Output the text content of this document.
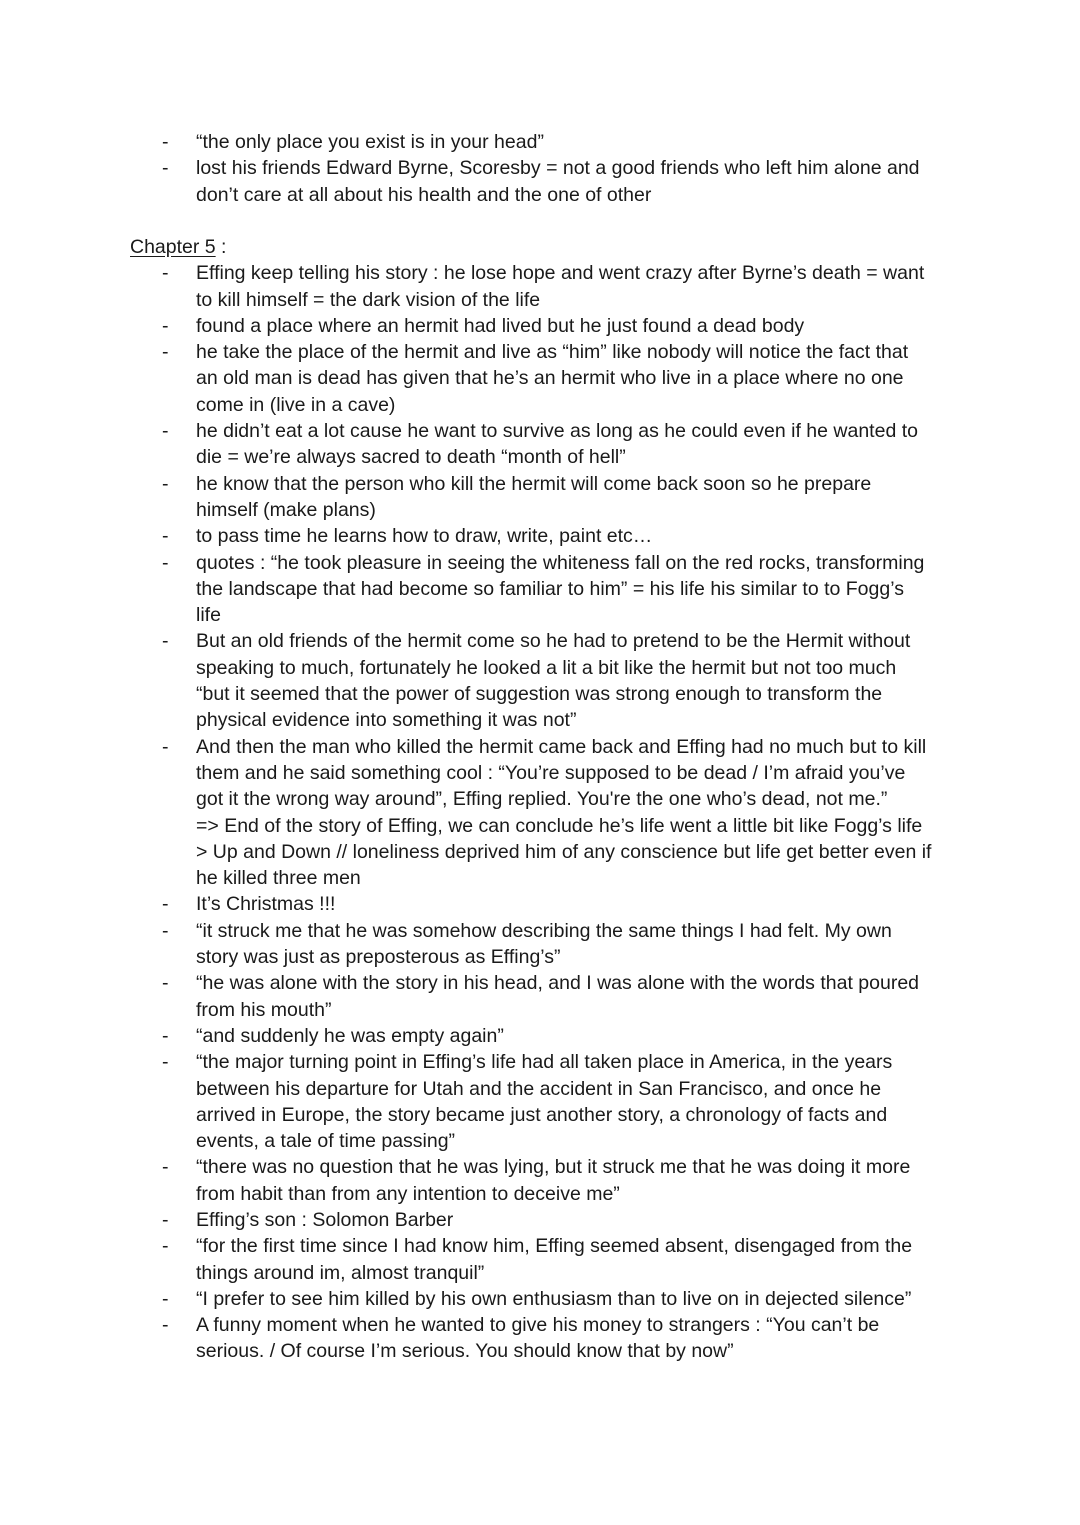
- “the only place you exist is in your head”
- lost his friends Edward Byrne, Scoresby = not a good friends who left him alone and
don’t care at all about his health and the one of other

Chapter 5 :

- Effing keep telling his story : he lose hope and went crazy after Byrne’s death = want
to kill himself = the dark vision of the life
- found a place where an hermit had lived but he just found a dead body
- he take the place of the hermit and live as “him” like nobody will notice the fact that
an old man is dead has given that he’s an hermit who live in a place where no one
come in (live in a cave)
- he didn’t eat a lot cause he want to survive as long as he could even if he wanted to
die = we’re always sacred to death “month of hell”
- he know that the person who kill the hermit will come back soon so he prepare
himself (make plans)
- to pass time he learns how to draw, write, paint etc…
- quotes : “he took pleasure in seeing the whiteness fall on the red rocks, transforming
the landscape that had become so familiar to him” = his life his similar to to Fogg’s
life
- But an old friends of the hermit come so he had to pretend to be the Hermit without
speaking to much, fortunately he looked a lit a bit like the hermit but not too much
“but it seemed that the power of suggestion was strong enough to transform the
physical evidence into something it was not”
- And then the man who killed the hermit came back and Effing had no much but to kill
them and he said something cool : “You’re supposed to be dead / I’m afraid you’ve
got it the wrong way around”, Effing replied. You're the one who’s dead, not me.”
=> End of the story of Effing, we can conclude he’s life went a little bit like Fogg’s life
> Up and Down // loneliness deprived him of any conscience but life get better even if
he killed three men
- It’s Christmas !!!
- “it struck me that he was somehow describing the same things I had felt. My own
story was just as preposterous as Effing’s”
- “he was alone with the story in his head, and I was alone with the words that poured
from his mouth”
- “and suddenly he was empty again”
- “the major turning point in Effing’s life had all taken place in America, in the years
between his departure for Utah and the accident in San Francisco, and once he
arrived in Europe, the story became just another story, a chronology of facts and
events, a tale of time passing”
- “there was no question that he was lying, but it struck me that he was doing it more
from habit than from any intention to deceive me”
- Effing’s son : Solomon Barber
- “for the first time since I had know him, Effing seemed absent, disengaged from the
things around im, almost tranquil”
- “I prefer to see him killed by his own enthusiasm than to live on in dejected silence”
- A funny moment when he wanted to give his money to strangers : “You can’t be
serious. / Of course I’m serious. You should know that by now”
